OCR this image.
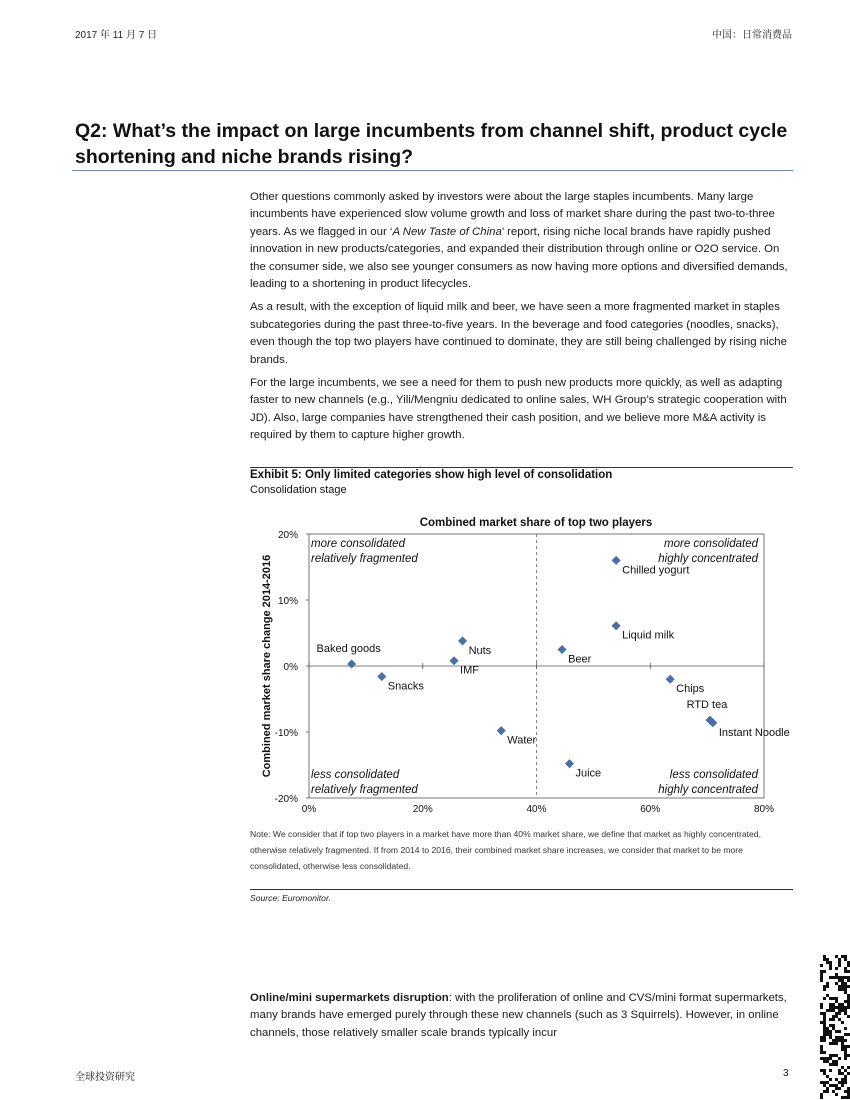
2017 年 11 月 7 日	中国：日常消费品
Q2: What’s the impact on large incumbents from channel shift, product cycle shortening and niche brands rising?

Other questions commonly asked by investors were about the large staples incumbents. Many large incumbents have experienced slow volume growth and loss of market share during the past two-to-three years. As we flagged in our ‘A New Taste of China’ report, rising niche local brands have rapidly pushed innovation in new products/categories, and expanded their distribution through online or O2O service. On the consumer side, we also see younger consumers as now having more options and diversified demands, leading to a shortening in product lifecycles.

As a result, with the exception of liquid milk and beer, we have seen a more fragmented market in staples subcategories during the past three-to-five years. In the beverage and food categories (noodles, snacks), even though the top two players have continued to dominate, they are still being challenged by rising niche brands.

For the large incumbents, we see a need for them to push new products more quickly, as well as adapting faster to new channels (e.g., Yili/Mengniu dedicated to online sales, WH Group’s strategic cooperation with JD). Also, large companies have strengthened their cash position, and we believe more M&A activity is required by them to capture higher growth.

Exhibit 5: Only limited categories show high level of consolidation
Consolidation stage
0%	20%	40%	60%	80%
20%
10%
0%
-10%
-20%
more consolidated
relatively fragmented
more consolidated
highly concentrated
less consolidated
relatively fragmented
less consolidated
highly concentrated
Baked goods
Snacks
Nuts
IMF
Water
Beer
Juice
Chilled yogurt
Liquid milk
Chips
RTD tea
Instant Noodle
Combined market share of top two players
Combined market share change 2014-2016
Note: We consider that if top two players in a market have more than 40% market share, we define that market as highly concentrated, otherwise relatively fragmented. If from 2014 to 2016, their combined market share increases, we consider that market to be more consolidated, otherwise less consolidated.
Source: Euromonitor.
Online/mini supermarkets disruption: with the proliferation of online and CVS/mini format supermarkets, many brands have emerged purely through these new channels (such as 3 Squirrels). However, in online channels, those relatively smaller scale brands typically incur
全球投资研究	3
